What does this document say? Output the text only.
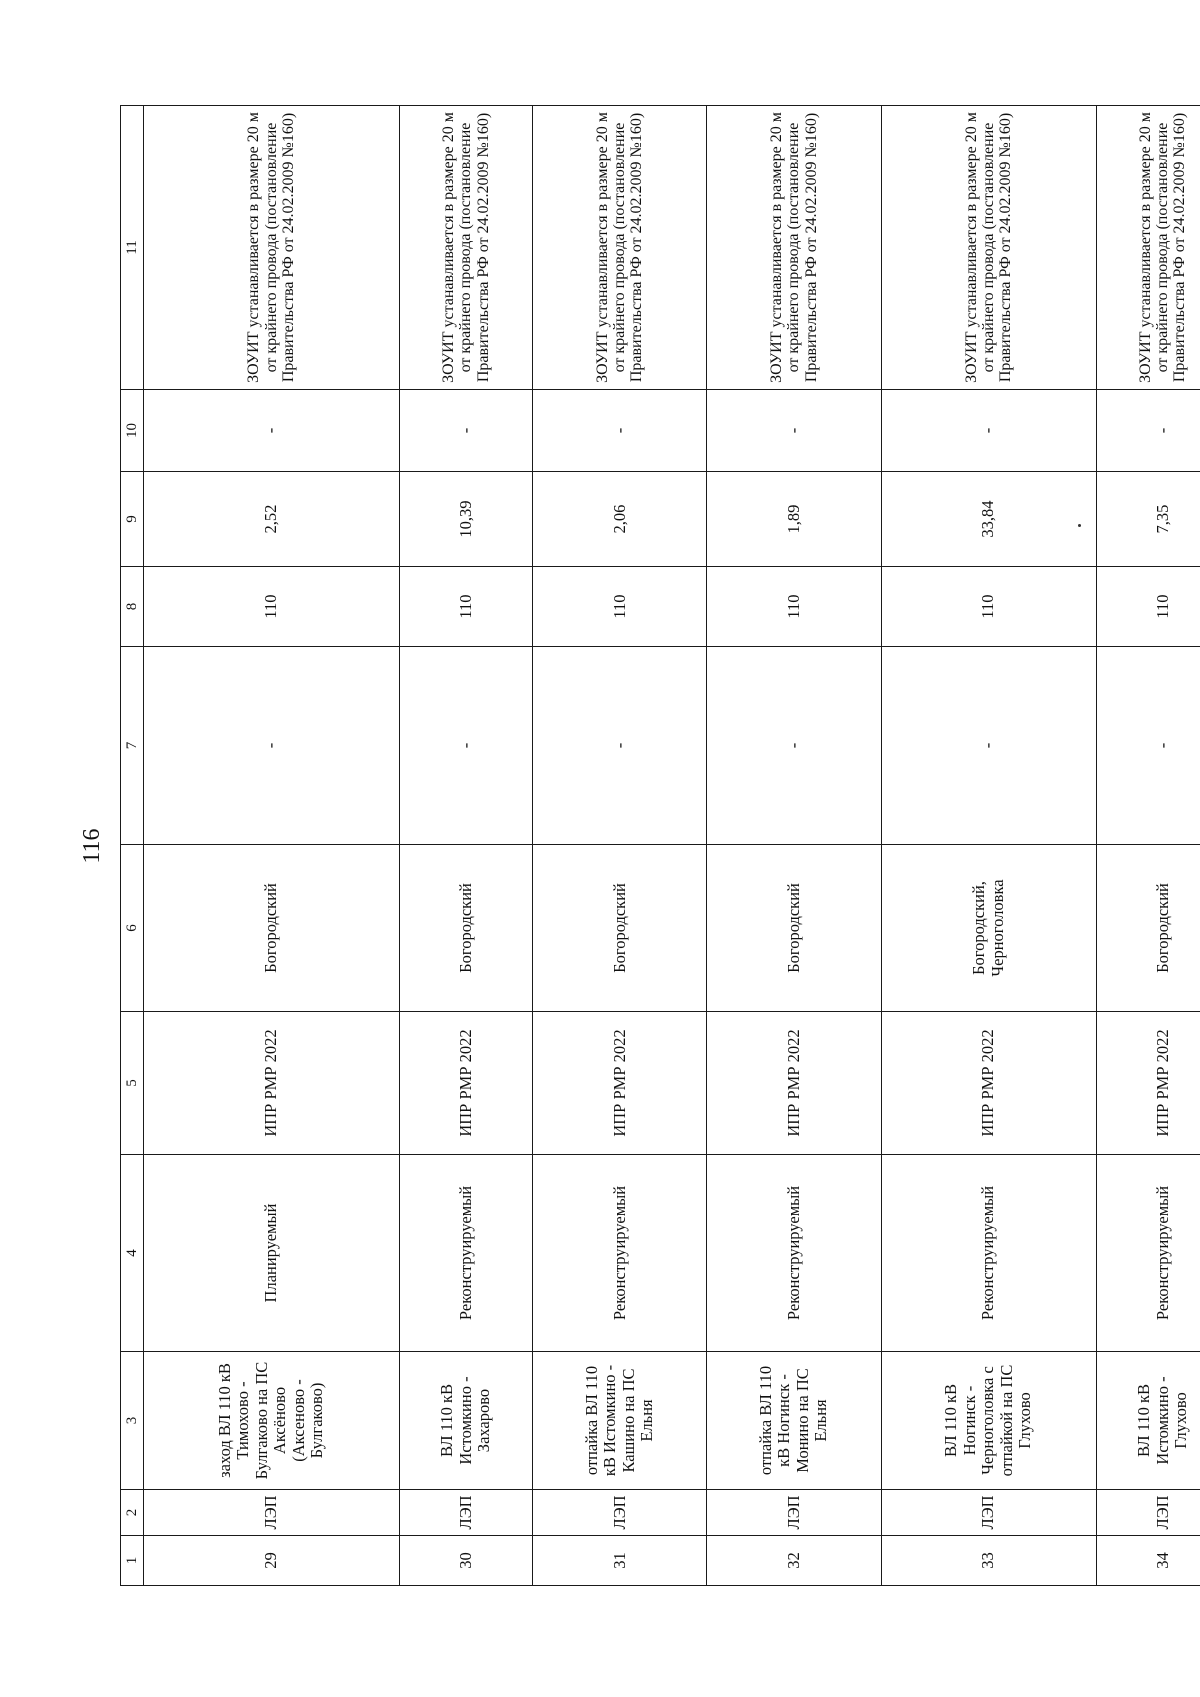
116
1	2	3	4	5	6	7	8	9	10	11
29	ЛЭП	заход ВЛ 110 кВ Тимохово - Булгаково на ПС Аксёново (Аксеново - Булгаково)	Планируемый	ИПР РМР 2022	Богородский	-	110	2,52	-	ЗОУИТ устанавливается в размере 20 м от крайнего провода (постановление Правительства РФ от 24.02.2009 №160)
30	ЛЭП	ВЛ 110 кВ Истомкино - Захарово	Реконструируемый	ИПР РМР 2022	Богородский	-	110	10,39	-	ЗОУИТ устанавливается в размере 20 м от крайнего провода (постановление Правительства РФ от 24.02.2009 №160)
31	ЛЭП	отпайка ВЛ 110 кВ Истомкино - Кашино на ПС Ельня	Реконструируемый	ИПР РМР 2022	Богородский	-	110	2,06	-	ЗОУИТ устанавливается в размере 20 м от крайнего провода (постановление Правительства РФ от 24.02.2009 №160)
32	ЛЭП	отпайка ВЛ 110 кВ Ногинск - Монино на ПС Ельня	Реконструируемый	ИПР РМР 2022	Богородский	-	110	1,89	-	ЗОУИТ устанавливается в размере 20 м от крайнего провода (постановление Правительства РФ от 24.02.2009 №160)
33	ЛЭП	ВЛ 110 кВ Ногинск - Черноголовка с отпайкой на ПС Глухово	Реконструируемый	ИПР РМР 2022	Богородский, Черноголовка	-	110	33,84	-	ЗОУИТ устанавливается в размере 20 м от крайнего провода (постановление Правительства РФ от 24.02.2009 №160)
34	ЛЭП	ВЛ 110 кВ Истомкино - Глухово	Реконструируемый	ИПР РМР 2022	Богородский	-	110	7,35	-	ЗОУИТ устанавливается в размере 20 м от крайнего провода (постановление Правительства РФ от 24.02.2009 №160)
